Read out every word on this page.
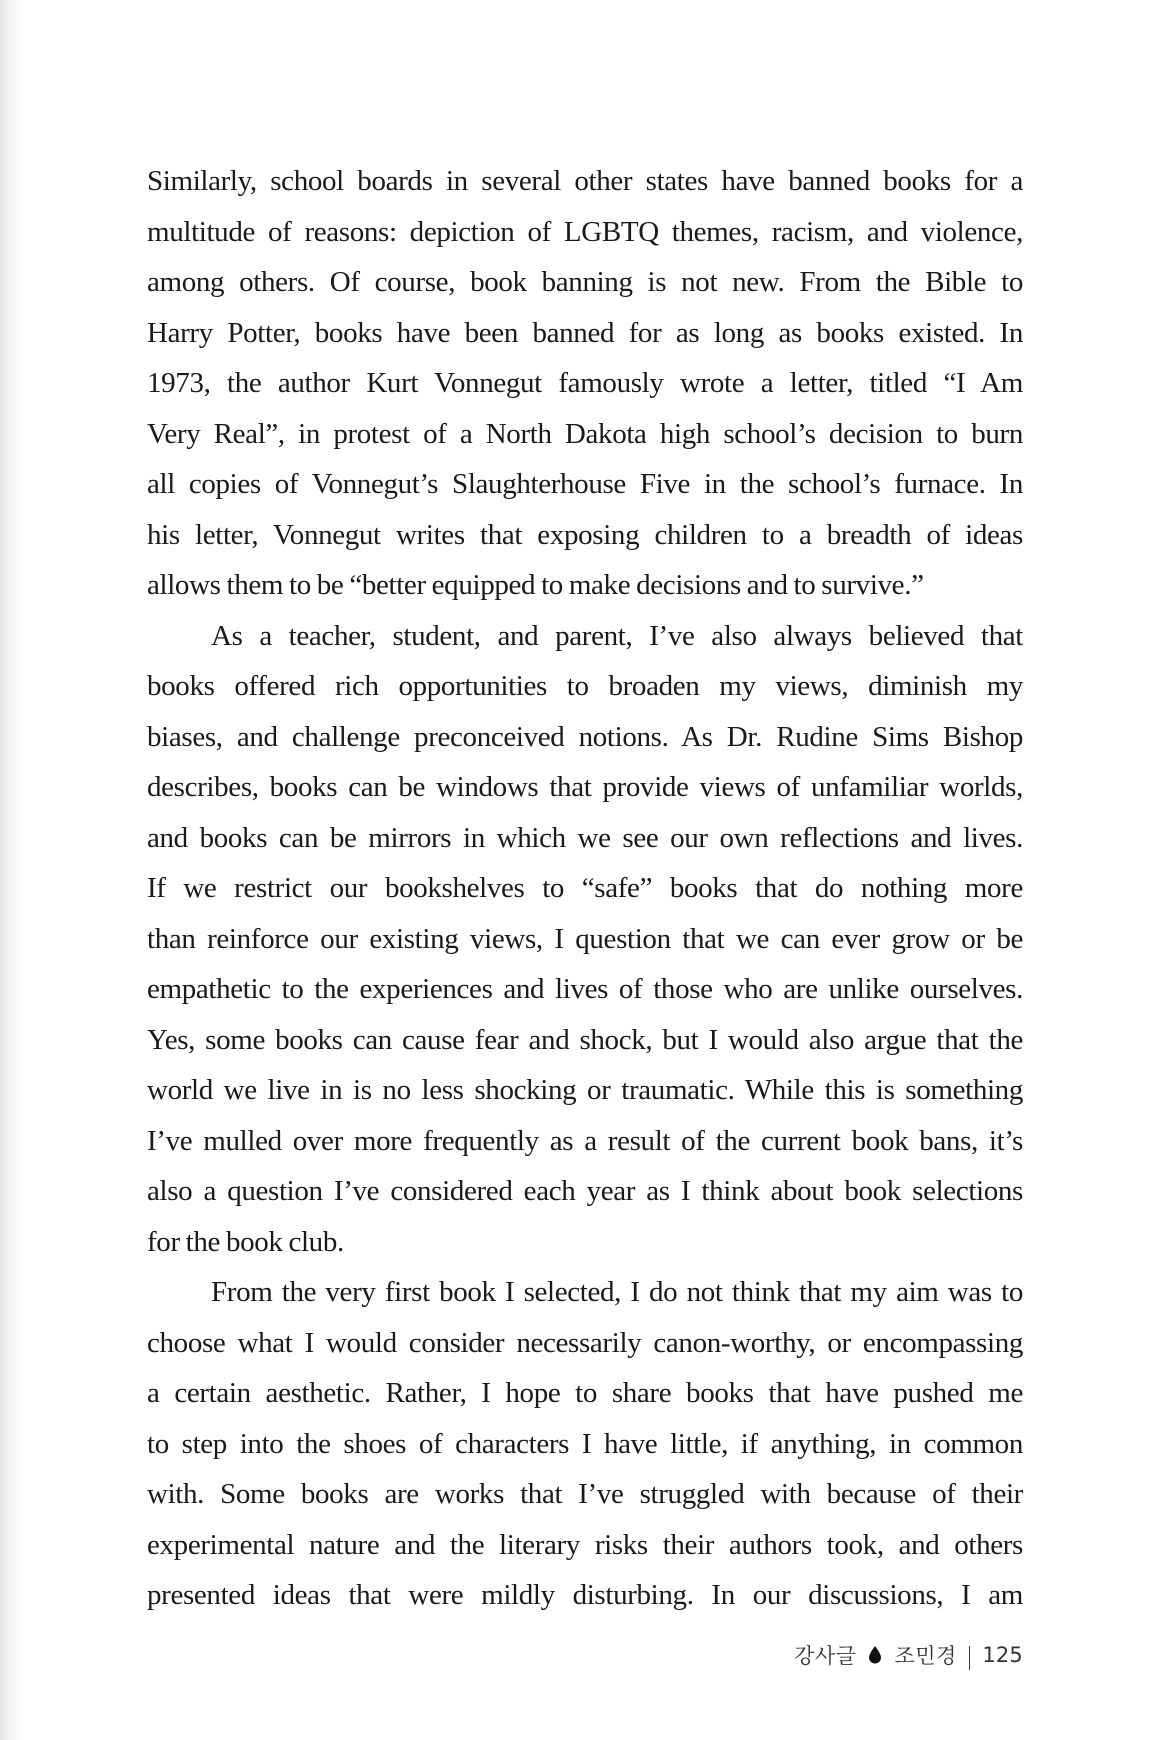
Similarly, school boards in several other states have banned books for a
multitude of reasons: depiction of LGBTQ themes, racism, and violence,
among others. Of course, book banning is not new. From the Bible to
Harry Potter, books have been banned for as long as books existed. In
1973, the author Kurt Vonnegut famously wrote a letter, titled “I Am
Very Real”, in protest of a North Dakota high school’s decision to burn
all copies of Vonnegut’s Slaughterhouse Five in the school’s furnace. In
his letter, Vonnegut writes that exposing children to a breadth of ideas
allows them to be “better equipped to make decisions and to survive.”
As a teacher, student, and parent, I’ve also always believed that
books offered rich opportunities to broaden my views, diminish my
biases, and challenge preconceived notions. As Dr. Rudine Sims Bishop
describes, books can be windows that provide views of unfamiliar worlds,
and books can be mirrors in which we see our own reflections and lives.
If we restrict our bookshelves to “safe” books that do nothing more
than reinforce our existing views, I question that we can ever grow or be
empathetic to the experiences and lives of those who are unlike ourselves.
Yes, some books can cause fear and shock, but I would also argue that the
world we live in is no less shocking or traumatic. While this is something
I’ve mulled over more frequently as a result of the current book bans, it’s
also a question I’ve considered each year as I think about book selections
for the book club.
From the very first book I selected, I do not think that my aim was to
choose what I would consider necessarily canon-worthy, or encompassing
a certain aesthetic. Rather, I hope to share books that have pushed me
to step into the shoes of characters I have little, if anything, in common
with. Some books are works that I’ve struggled with because of their
experimental nature and the literary risks their authors took, and others
presented ideas that were mildly disturbing. In our discussions, I am
강사글 조민경 125
